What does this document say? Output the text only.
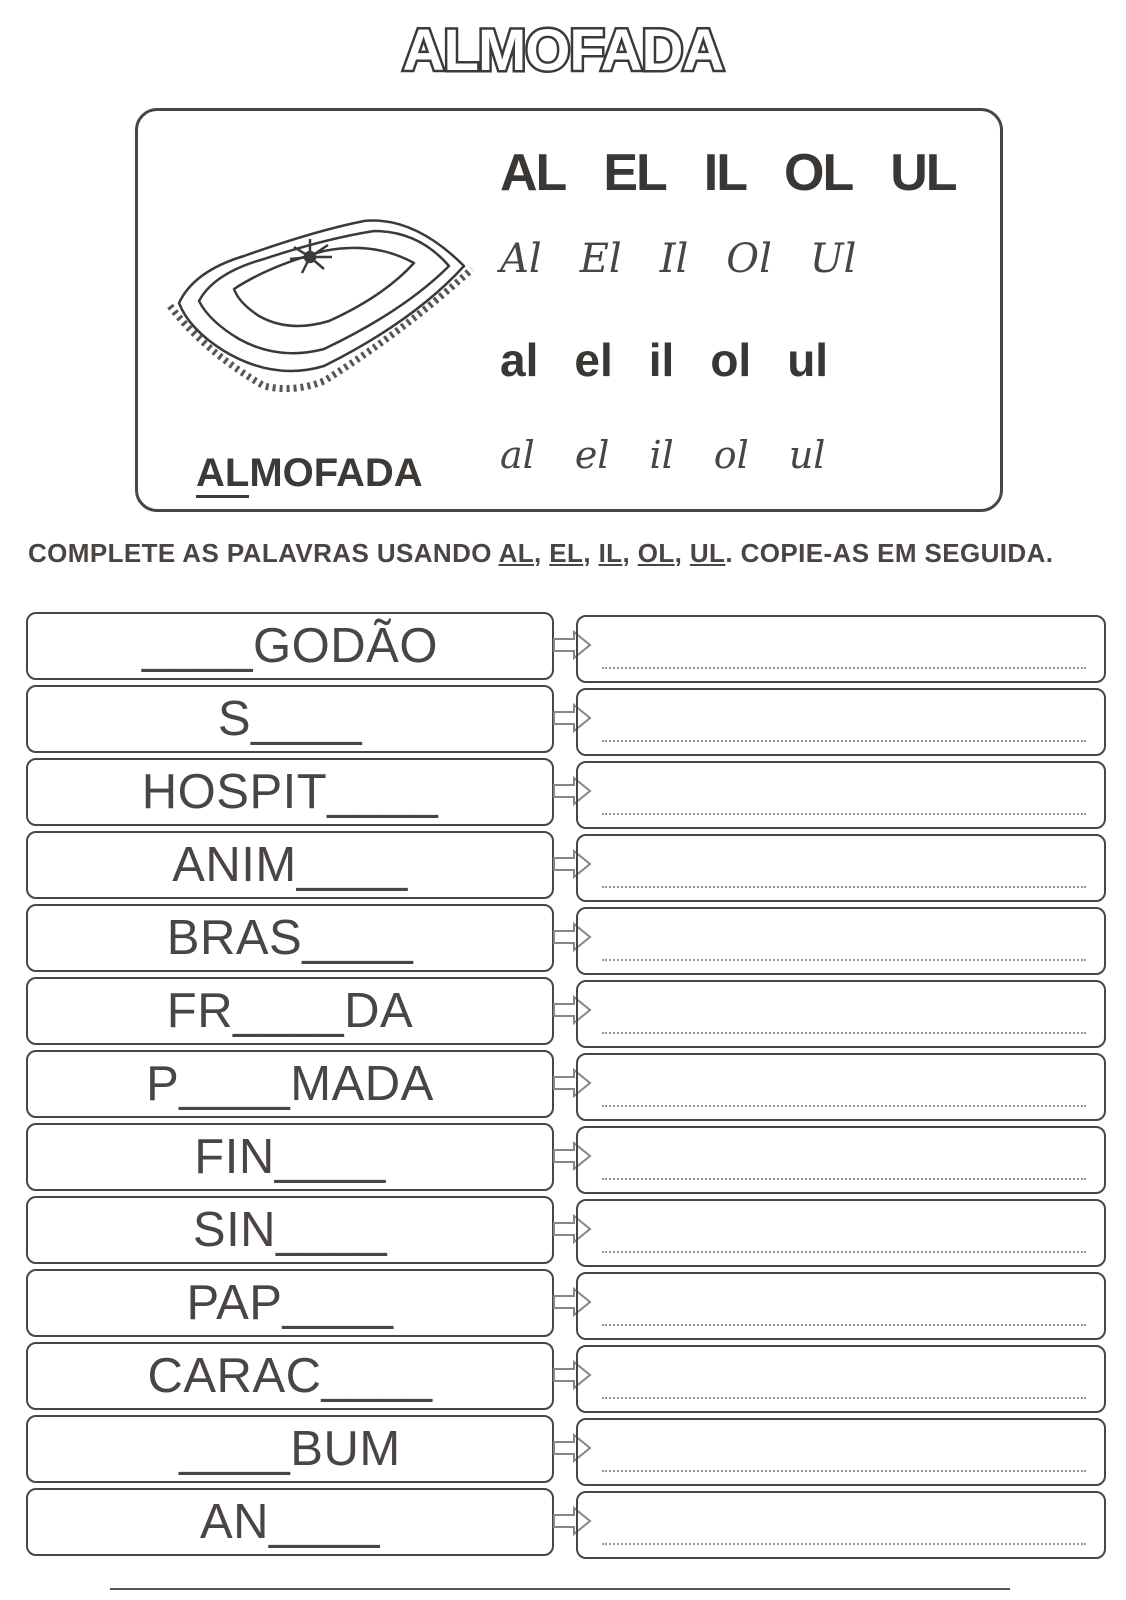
ALMOFADA
ALMOFADA
AL EL IL OL UL
Al El Il Ol Ul
al el il ol ul
al el il ol ul
COMPLETE AS PALAVRAS USANDO AL, EL, IL, OL, UL. COPIE-AS EM SEGUIDA.
____GODÃO
S____
HOSPIT____
ANIM____
BRAS____
FR____DA
P____MADA
FIN____
SIN____
PAP____
CARAC____
____BUM
AN____
